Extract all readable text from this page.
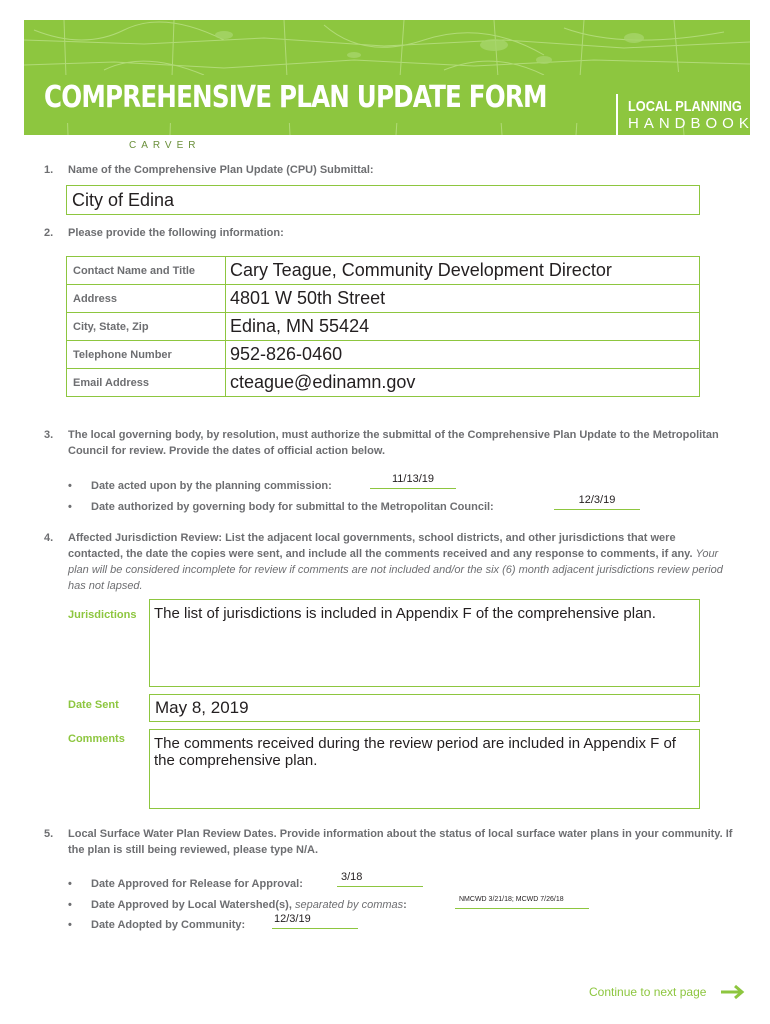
COMPREHENSIVE PLAN UPDATE FORM	LOCAL PLANNING
HANDBOOK
CARVER
1. Name of the Comprehensive Plan Update (CPU) Submittal:
City of Edina
2. Please provide the following information:
Contact Name and Title	Cary Teague, Community Development Director
Address	4801 W 50th Street
City, State, Zip	Edina, MN 55424
Telephone Number	952-826-0460
Email Address	cteague@edinamn.gov
3. The local governing body, by resolution, must authorize the submittal of the Comprehensive Plan Update to the Metropolitan Council for review. Provide the dates of official action below.
• Date acted upon by the planning commission:
11/13/19
• Date authorized by governing body for submittal to the Metropolitan Council:
12/3/19
4. Affected Jurisdiction Review: List the adjacent local governments, school districts, and other jurisdictions that were contacted, the date the copies were sent, and include all the comments received and any response to comments, if any. Your plan will be considered incomplete for review if comments are not included and/or the six (6) month adjacent jurisdictions review period has not lapsed.
Jurisdictions	The list of jurisdictions is included in Appendix F of the comprehensive plan.
Date Sent	May 8, 2019
Comments	The comments received during the review period are included in Appendix F of the comprehensive plan.
5. Local Surface Water Plan Review Dates. Provide information about the status of local surface water plans in your community. If the plan is still being reviewed, please type N/A.
• Date Approved for Release for Approval:
3/18
• Date Approved by Local Watershed(s), separated by commas:	NMCWD 3/21/18; MCWD 7/26/18
• Date Adopted by Community:	12/3/19
Continue to next page
